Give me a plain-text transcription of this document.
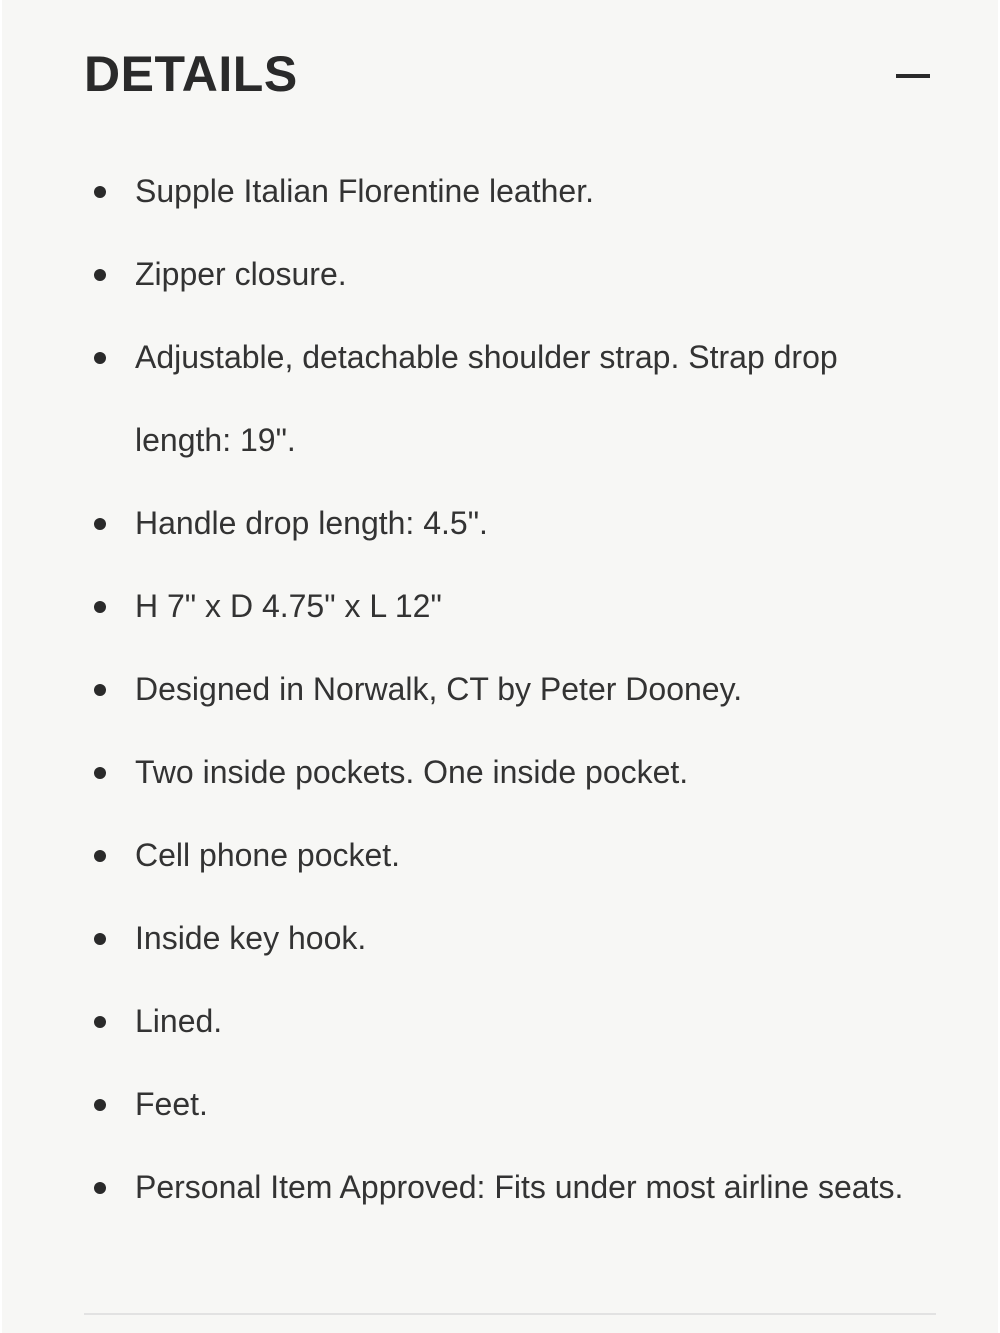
DETAILS
Supple Italian Florentine leather.
Zipper closure.
Adjustable, detachable shoulder strap. Strap drop length: 19".
Handle drop length: 4.5".
H 7" x D 4.75" x L 12"
Designed in Norwalk, CT by Peter Dooney.
Two inside pockets. One inside pocket.
Cell phone pocket.
Inside key hook.
Lined.
Feet.
Personal Item Approved: Fits under most airline seats.
